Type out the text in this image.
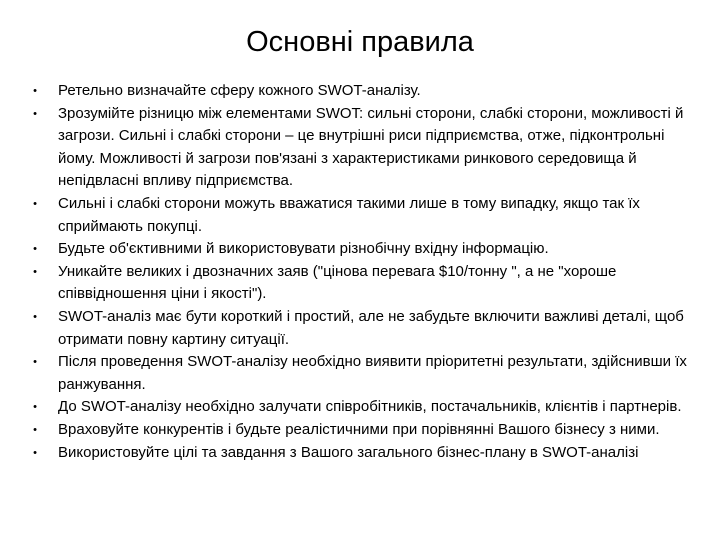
Основні правила
• Ретельно визначайте сферу кожного SWOT-аналізу.
• Зрозумійте різницю між елементами SWOT: сильні сторони, слабкі сторони, можливості й загрози. Сильні і слабкі сторони – це внутрішні риси підприємства, отже, підконтрольні йому. Можливості й загрози пов'язані з характеристиками ринкового середовища й непідвласні впливу підприємства.
• Сильні і слабкі сторони можуть вважатися такими лише в тому випадку, якщо так їх сприймають покупці.
• Будьте об'єктивними й використовувати різнобічну вхідну інформацію.
• Уникайте великих і двозначних заяв ("цінова перевага $10/тонну ", а не "хороше співвідношення ціни і якості").
• SWOT-аналіз має бути короткий і простий, але не забудьте включити важливі деталі, щоб отримати повну картину ситуації.
• Після проведення SWOT-аналізу необхідно виявити пріоритетні результати, здійснивши їх ранжування.
• До SWOT-аналізу необхідно залучати співробітників, постачальників, клієнтів і партнерів.
• Враховуйте конкурентів і будьте реалістичними при порівнянні Вашого бізнесу з ними.
• Використовуйте цілі та завдання з Вашого загального бізнес-плану в SWOT-аналізі
